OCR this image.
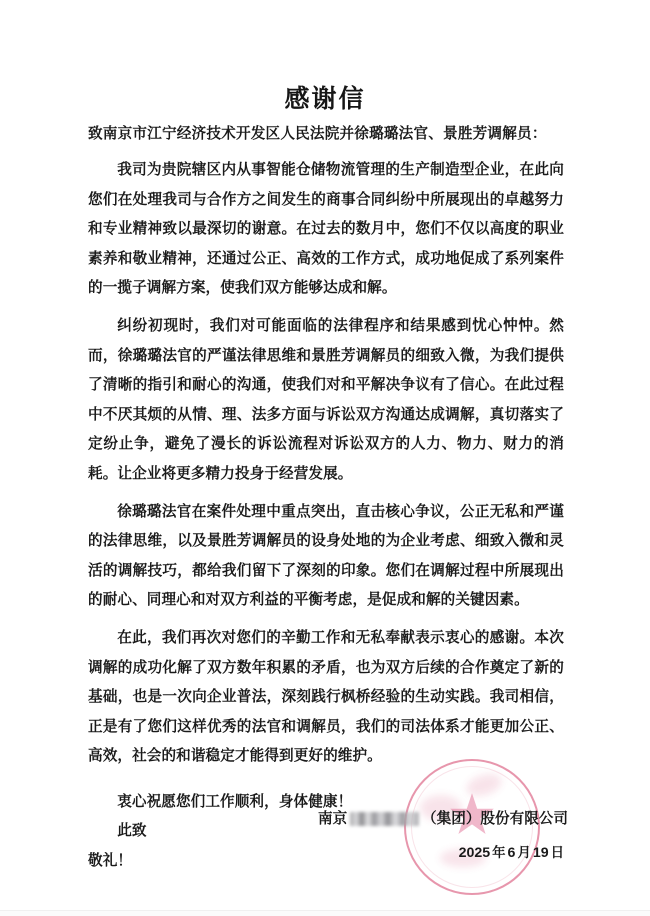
感谢信

致南京市江宁经济技术开发区人民法院并徐璐璐法官、景胜芳调解员：

我司为贵院辖区内从事智能仓储物流管理的生产制造型企业，在此向您们在处理我司与合作方之间发生的商事合同纠纷中所展现出的卓越努力和专业精神致以最深切的谢意。在过去的数月中，您们不仅以高度的职业素养和敬业精神，还通过公正、高效的工作方式，成功地促成了系列案件的一揽子调解方案，使我们双方能够达成和解。

纠纷初现时，我们对可能面临的法律程序和结果感到忧心忡忡。然而，徐璐璐法官的严谨法律思维和景胜芳调解员的细致入微，为我们提供了清晰的指引和耐心的沟通，使我们对和平解决争议有了信心。在此过程中不厌其烦的从情、理、法多方面与诉讼双方沟通达成调解，真切落实了定纷止争，避免了漫长的诉讼流程对诉讼双方的人力、物力、财力的消耗。让企业将更多精力投身于经营发展。

徐璐璐法官在案件处理中重点突出，直击核心争议，公正无私和严谨的法律思维，以及景胜芳调解员的设身处地的为企业考虑、细致入微和灵活的调解技巧，都给我们留下了深刻的印象。您们在调解过程中所展现出的耐心、同理心和对双方利益的平衡考虑，是促成和解的关键因素。

在此，我们再次对您们的辛勤工作和无私奉献表示衷心的感谢。本次调解的成功化解了双方数年积累的矛盾，也为双方后续的合作奠定了新的基础，也是一次向企业普法，深刻践行枫桥经验的生动实践。我司相信，正是有了您们这样优秀的法官和调解员，我们的司法体系才能更加公正、高效，社会的和谐稳定才能得到更好的维护。

衷心祝愿您们工作顺利，身体健康！

此致

敬礼！

南京	（集团）股份有限公司
2025 年 6 月 19 日
